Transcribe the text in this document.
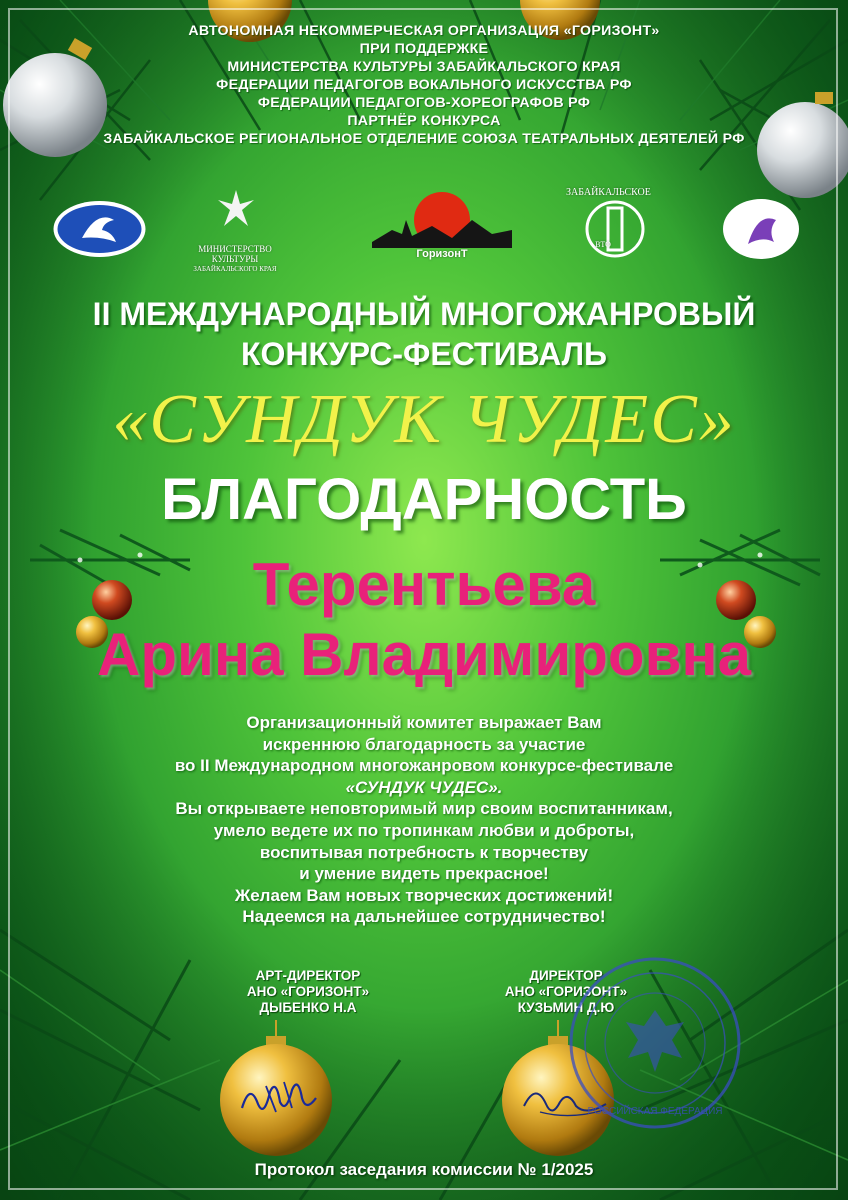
АВТОНОМНАЯ НЕКОММЕРЧЕСКАЯ ОРГАНИЗАЦИЯ «ГОРИЗОНТ»
ПРИ ПОДДЕРЖКЕ
МИНИСТЕРСТВА КУЛЬТУРЫ ЗАБАЙКАЛЬСКОГО КРАЯ
ФЕДЕРАЦИИ ПЕДАГОГОВ ВОКАЛЬНОГО ИСКУССТВА РФ
ФЕДЕРАЦИИ ПЕДАГОГОВ-ХОРЕОГРАФОВ РФ
ПАРТНЁР КОНКУРСА
ЗАБАЙКАЛЬСКОЕ РЕГИОНАЛЬНОЕ ОТДЕЛЕНИЕ СОЮЗА ТЕАТРАЛЬНЫХ ДЕЯТЕЛЕЙ РФ
МИНИСТЕРСТВО
КУЛЬТУРЫ
ЗАБАЙКАЛЬСКОГО КРАЯ
ГоризонТ
ЗАБАЙКАЛЬСКОЕ
ВТО
II МЕЖДУНАРОДНЫЙ МНОГОЖАНРОВЫЙ
КОНКУРС-ФЕСТИВАЛЬ
«СУНДУК ЧУДЕС»
БЛАГОДАРНОСТЬ
Терентьева
Арина Владимировна
Организационный комитет выражает Вам
искреннюю благодарность за участие
во II Международном многожанровом конкурсе-фестивале
«СУНДУК ЧУДЕС».
Вы открываете неповторимый мир своим воспитанникам,
умело ведете их по тропинкам любви и доброты,
воспитывая потребность к творчеству
и умение видеть прекрасное!
Желаем Вам новых творческих достижений!
Надеемся на дальнейшее сотрудничество!
АРТ-ДИРЕКТОР
АНО «ГОРИЗОНТ»
ДЫБЕНКО Н.А
ДИРЕКТОР
АНО «ГОРИЗОНТ»
КУЗЬМИН Д.Ю
РОССИЙСКАЯ ФЕДЕРАЦИЯ
Протокол заседания комиссии № 1/2025
